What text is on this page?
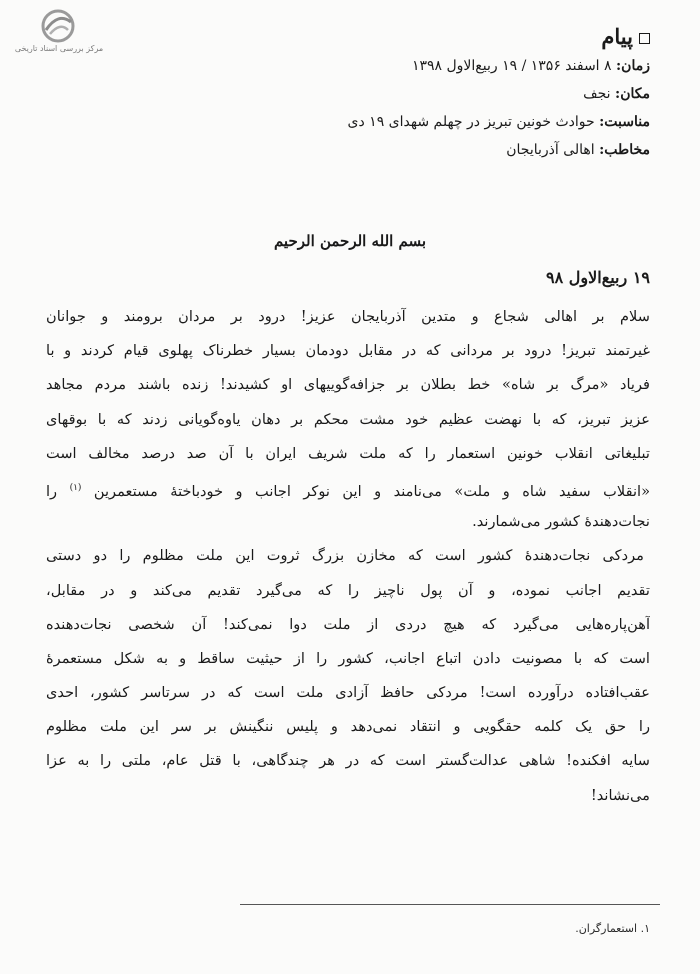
مرکز بررسی اسناد تاریخی	پیام
زمان: ۸ اسفند ۱۳۵۶ / ۱۹ ربیع‌الاول ۱۳۹۸
مکان: نجف
مناسبت: حوادث خونین تبریز در چهلم شهدای ۱۹ دی
مخاطب: اهالی آذربایجان
بسم الله الرحمن الرحیم
۱۹ ربیع‌الاول ۹۸
سلام بر اهالی شجاع و متدین آذربایجان عزیز! درود بر مردان برومند و جوانان
غیرتمند تبریز! درود بر مردانی که در مقابل دودمان بسیار خطرناک پهلوی قیام کردند و با
فریاد «مرگ بر شاه» خط بطلان بر جزافه‌گوییهای او کشیدند! زنده باشند مردم مجاهد
عزیز تبریز، که با نهضت عظیم خود مشت محکم بر دهان یاوه‌گویانی زدند که با بوقهای
تبلیغاتی انقلاب خونین استعمار را که ملت شریف ایران با آن صد درصد مخالف است
«انقلاب سفید شاه و ملت» می‌نامند و این نوکر اجانب و خودباختهٔ مستعمرین $^{(۱)}$ را
نجات‌دهندهٔ کشور می‌شمارند.
مردکی نجات‌دهندهٔ کشور است که مخازن بزرگ ثروت این ملت مظلوم را دو دستی
تقدیم اجانب نموده، و آن پول ناچیز را که می‌گیرد تقدیم می‌کند و در مقابل،
آهن‌پاره‌هایی می‌گیرد که هیچ دردی از ملت دوا نمی‌کند! آن شخصی نجات‌دهنده
است که با مصونیت دادن اتباع اجانب، کشور را از حیثیت ساقط و به شکل مستعمرهٔ
عقب‌افتاده درآورده است! مردکی حافظ آزادی ملت است که در سرتاسر کشور، احدی
را حق یک کلمه حقگویی و انتقاد نمی‌دهد و پلیس ننگینش بر سر این ملت مظلوم
سایه افکنده! شاهی عدالت‌گستر است که در هر چندگاهی، با قتل عام، ملتی را به عزا
می‌نشاند!
۱. استعمارگران.
